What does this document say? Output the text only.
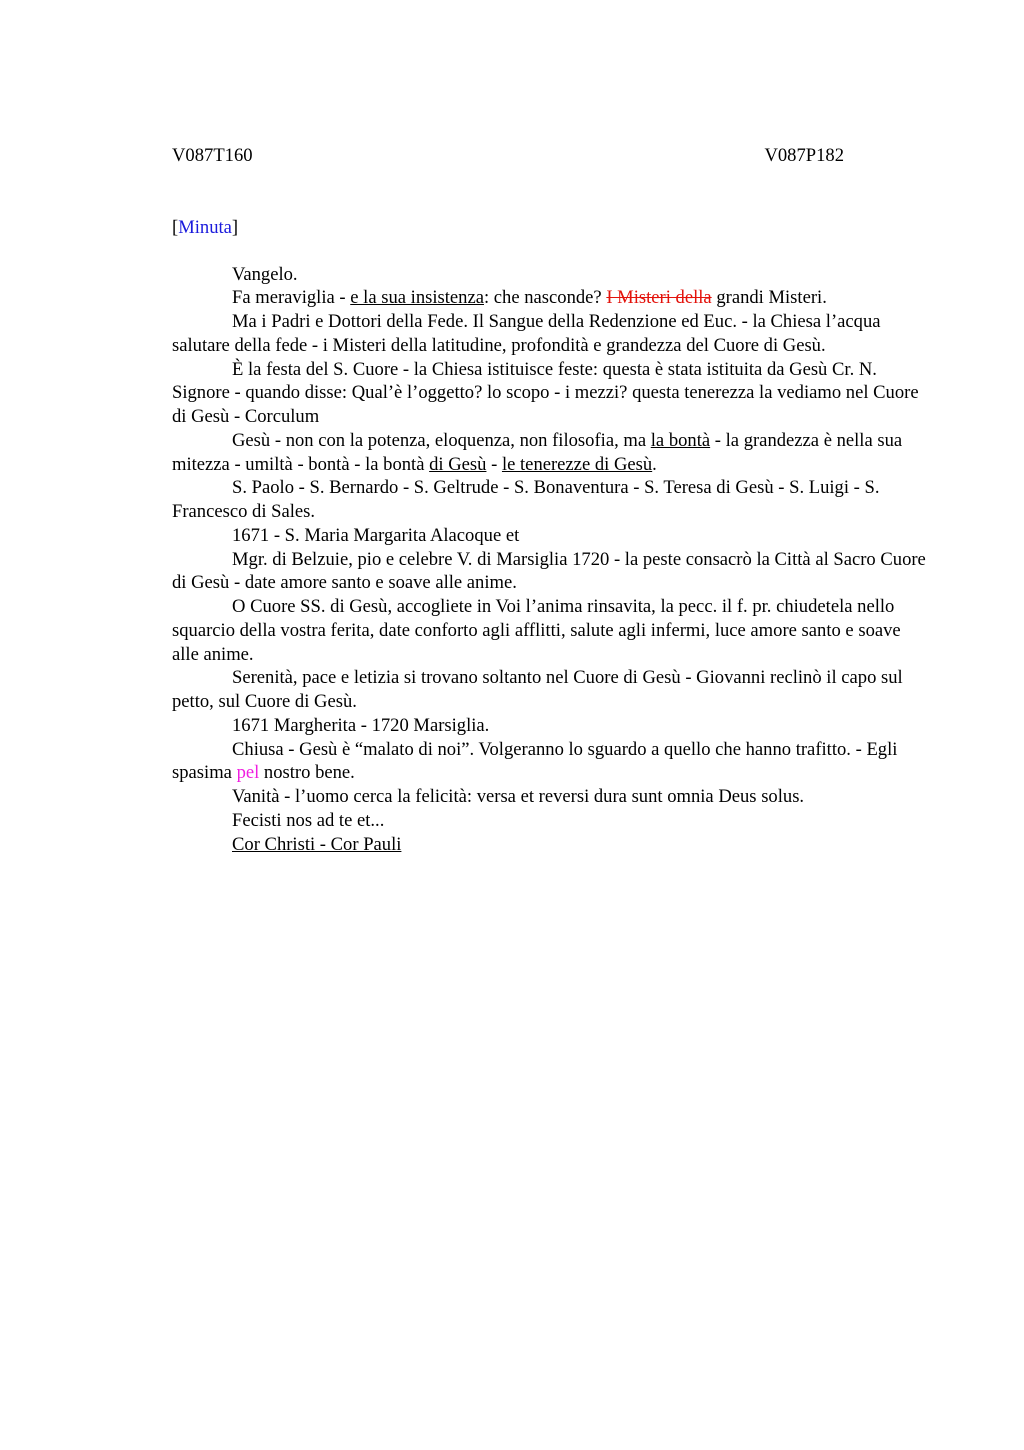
V087T160	V087P182
[Minuta]

Vangelo.

Fa meraviglia - e la sua insistenza: che nasconde? I Misteri della grandi Misteri.

Ma i Padri e Dottori della Fede. Il Sangue della Redenzione ed Euc. - la Chiesa l’acqua salutare della fede - i Misteri della latitudine, profondità e grandezza del Cuore di Gesù.

È la festa del S. Cuore - la Chiesa istituisce feste: questa è stata istituita da Gesù Cr. N. Signore - quando disse: Qual’è l’oggetto? lo scopo - i mezzi? questa tenerezza la vediamo nel Cuore di Gesù - Corculum

Gesù - non con la potenza, eloquenza, non filosofia, ma la bontà - la grandezza è nella sua mitezza - umiltà - bontà - la bontà di Gesù - le tenerezze di Gesù.

S. Paolo - S. Bernardo - S. Geltrude - S. Bonaventura - S. Teresa di Gesù - S. Luigi - S. Francesco di Sales.

1671 - S. Maria Margarita Alacoque et

Mgr. di Belzuie, pio e celebre V. di Marsiglia 1720 - la peste consacrò la Città al Sacro Cuore di Gesù - date amore santo e soave alle anime.

O Cuore SS. di Gesù, accogliete in Voi l’anima rinsavita, la pecc. il f. pr. chiudetela nello squarcio della vostra ferita, date conforto agli afflitti, salute agli infermi, luce amore santo e soave alle anime.

Serenità, pace e letizia si trovano soltanto nel Cuore di Gesù - Giovanni reclinò il capo sul petto, sul Cuore di Gesù.

1671 Margherita - 1720 Marsiglia.

Chiusa - Gesù è “malato di noi”. Volgeranno lo sguardo a quello che hanno trafitto. - Egli spasima pel nostro bene.

Vanità - l’uomo cerca la felicità: versa et reversi dura sunt omnia Deus solus.

Fecisti nos ad te et...

Cor Christi - Cor Pauli
